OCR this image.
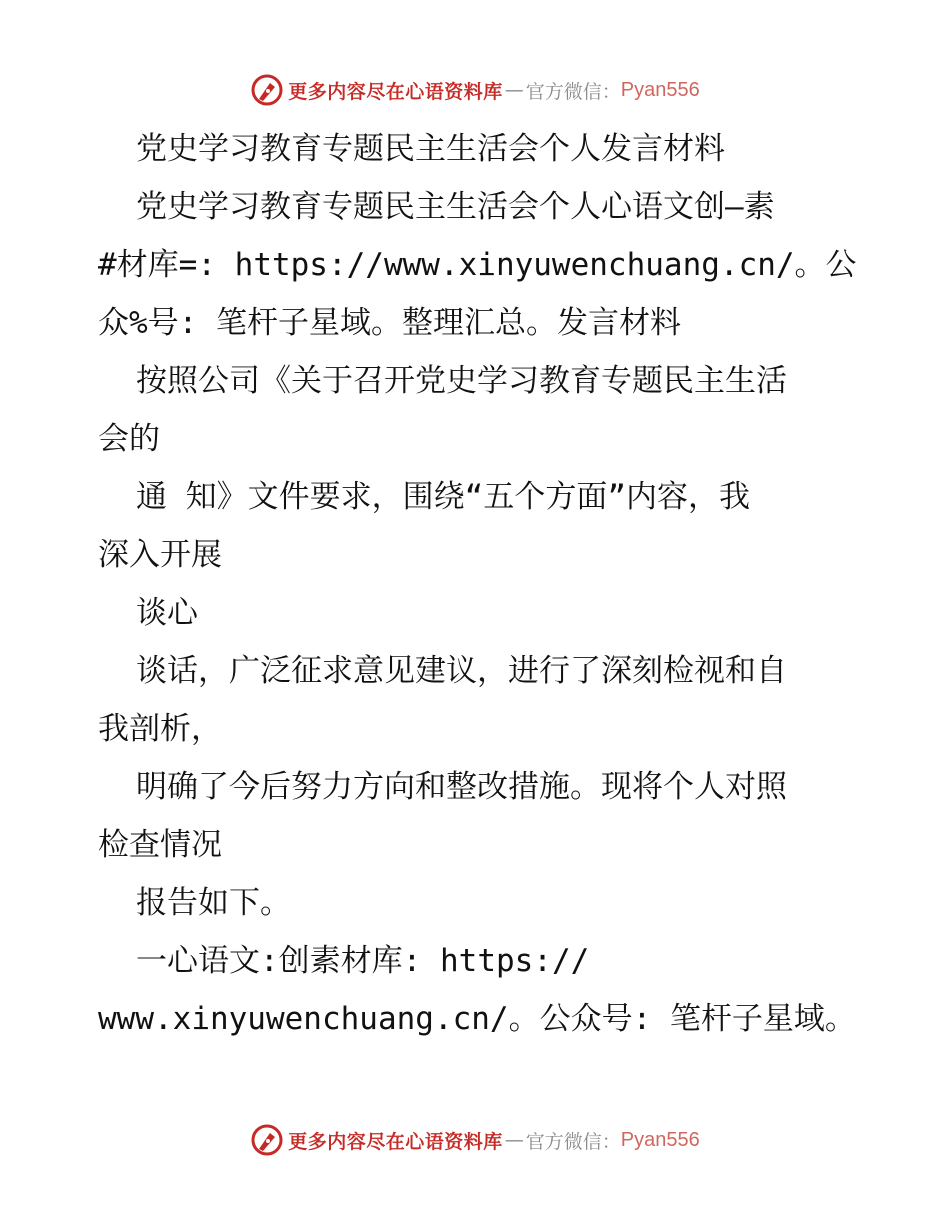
更多内容尽在心语资料库 — 官方微信： Pyan556
党史学习教育专题民主生活会个人发言材料
党史学习教育专题民主生活会个人心语文创—素
#材库=: https://www.xinyuwenchuang.cn/。公
众%号: 笔杆子星域。整理汇总。发言材料
按照公司《关于召开党史学习教育专题民主生活
会的
通 知》文件要求，围绕“五个方面”内容，我
深入开展
谈心
谈话，广泛征求意见建议，进行了深刻检视和自
我剖析，
明确了今后努力方向和整改措施。现将个人对照
检查情况
报告如下。
一心语文:创素材库: https://
www.xinyuwenchuang.cn/。公众号: 笔杆子星域。
更多内容尽在心语资料库 — 官方微信： Pyan556
